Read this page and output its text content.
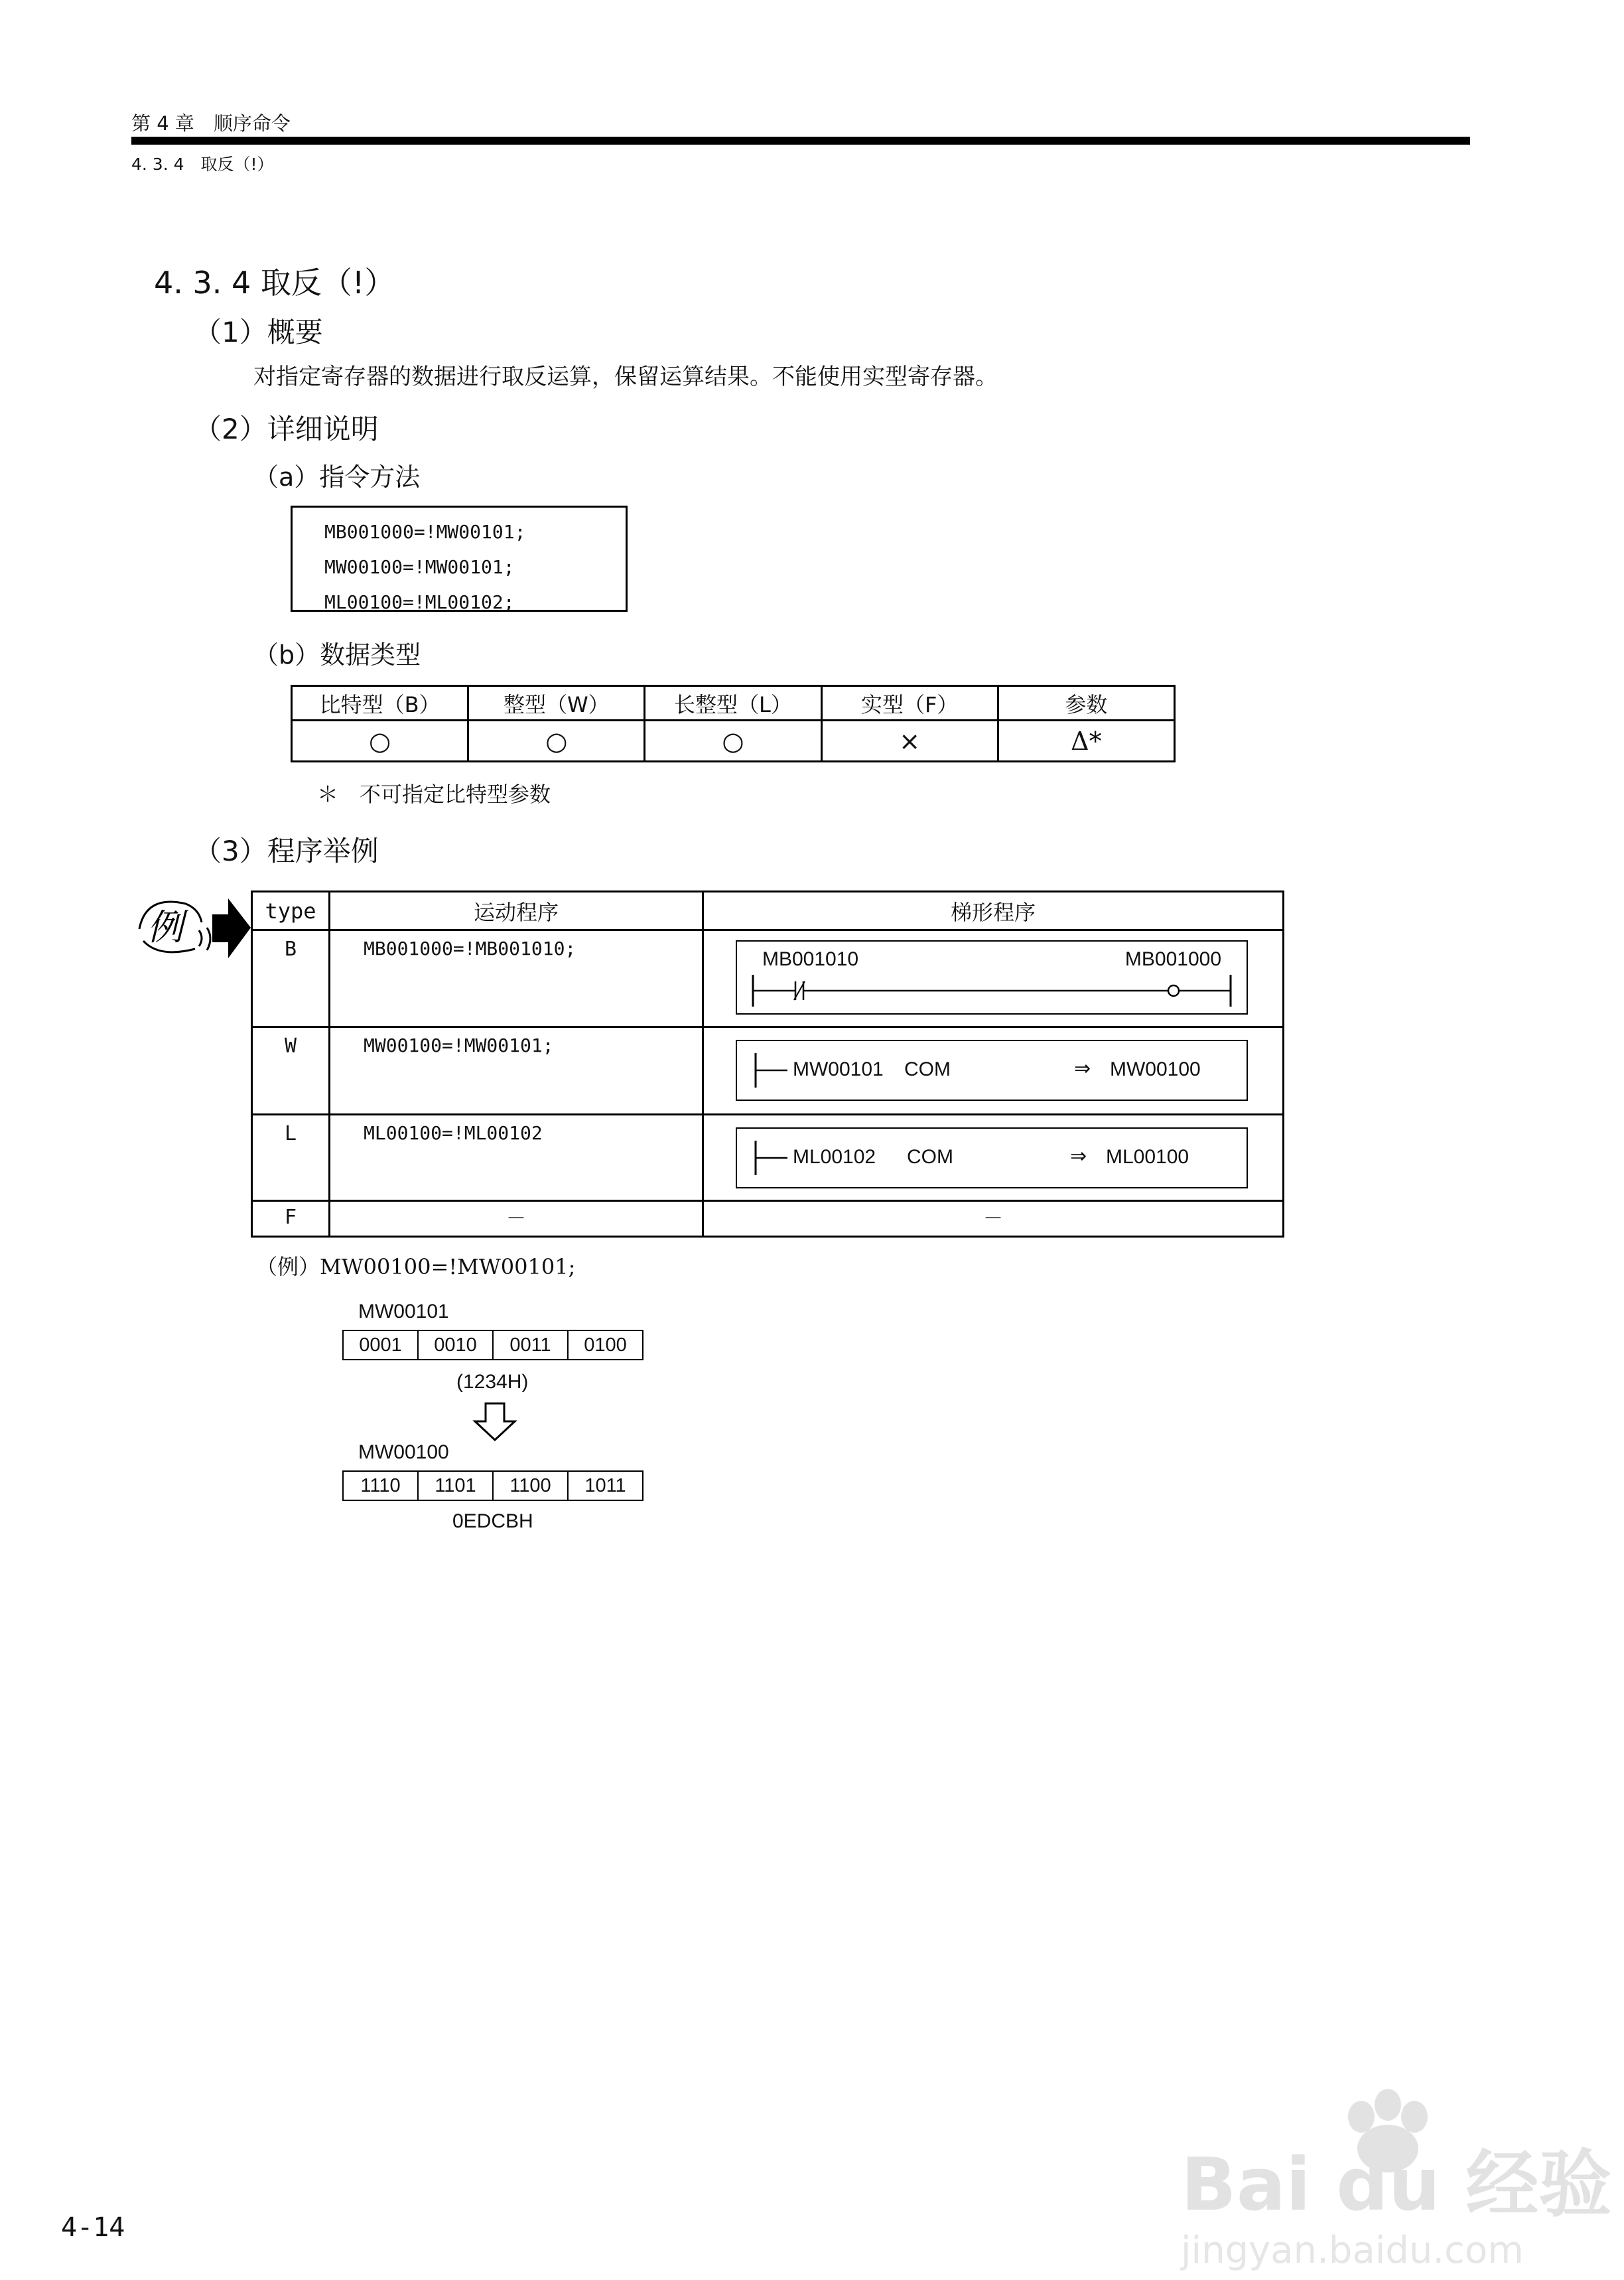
第 4 章　顺序命令
4. 3. 4　取反（!）
4. 3. 4 取反（!）
（1）概要
对指定寄存器的数据进行取反运算，保留运算结果。不能使用实型寄存器。
（2）详细说明
（a）指令方法
MB001000=!MW00101;
MW00100=!MW00101;
ML00100=!ML00102;
（b）数据类型
比特型（B）	整型（W）	长整型（L）	实型（F）	参数
○	○	○	×	Δ*
＊　不可指定比特型参数
（3）程序举例
例	type	运动程序	梯形程序
B	MB001000=!MB001010;	MB001010 MB001000

W	MW00100=!MW00101;	MW00101 COM ⇒ MW00100

L	ML00100=!ML00102	ML00102 COM ⇒ ML00100

F	－	－
（例）MW00100=!MW00101;
MW00101
0001	0010	0011	0100
(1234H)
MW00100
1110	1101	1100	1011
0EDCBH
4-14
Bai du 经验
jingyan.baidu.com
